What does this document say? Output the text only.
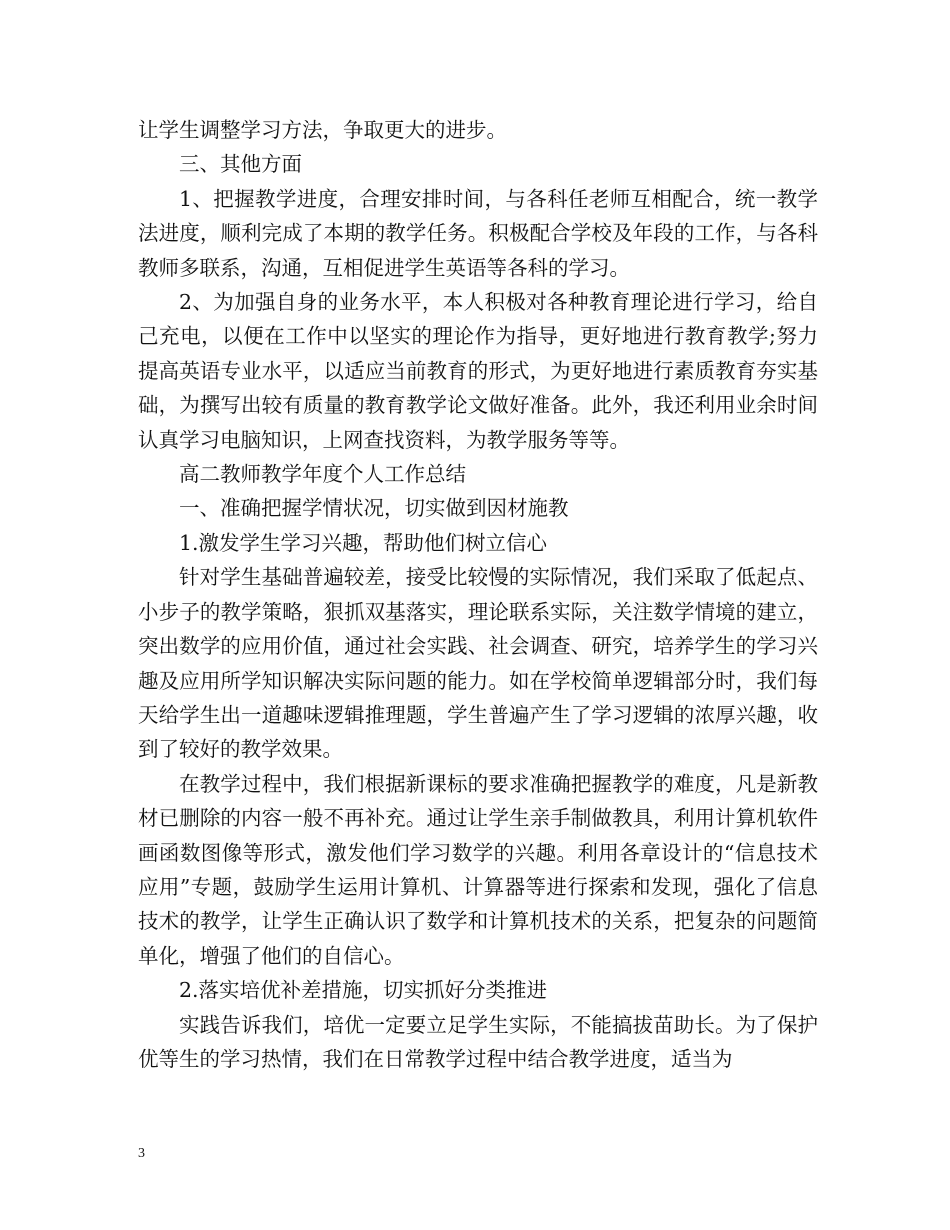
让学生调整学习方法，争取更大的进步。

三、其他方面

1、把握教学进度，合理安排时间，与各科任老师互相配合，统一教学法进度，顺利完成了本期的教学任务。积极配合学校及年段的工作，与各科教师多联系，沟通，互相促进学生英语等各科的学习。

2、为加强自身的业务水平，本人积极对各种教育理论进行学习，给自己充电，以便在工作中以坚实的理论作为指导，更好地进行教育教学;努力提高英语专业水平，以适应当前教育的形式，为更好地进行素质教育夯实基础，为撰写出较有质量的教育教学论文做好准备。此外，我还利用业余时间认真学习电脑知识，上网查找资料，为教学服务等等。

高二教师教学年度个人工作总结

一、准确把握学情状况，切实做到因材施教

1.激发学生学习兴趣，帮助他们树立信心

针对学生基础普遍较差，接受比较慢的实际情况，我们采取了低起点、小步子的教学策略，狠抓双基落实，理论联系实际，关注数学情境的建立，突出数学的应用价值，通过社会实践、社会调查、研究，培养学生的学习兴趣及应用所学知识解决实际问题的能力。如在学校简单逻辑部分时，我们每天给学生出一道趣味逻辑推理题，学生普遍产生了学习逻辑的浓厚兴趣，收到了较好的教学效果。

在教学过程中，我们根据新课标的要求准确把握教学的难度，凡是新教材已删除的内容一般不再补充。通过让学生亲手制做教具，利用计算机软件画函数图像等形式，激发他们学习数学的兴趣。利用各章设计的“信息技术应用”专题，鼓励学生运用计算机、计算器等进行探索和发现，强化了信息技术的教学，让学生正确认识了数学和计算机技术的关系，把复杂的问题简单化，增强了他们的自信心。

2.落实培优补差措施，切实抓好分类推进

实践告诉我们，培优一定要立足学生实际，不能搞拔苗助长。为了保护优等生的学习热情，我们在日常教学过程中结合教学进度，适当为

3
